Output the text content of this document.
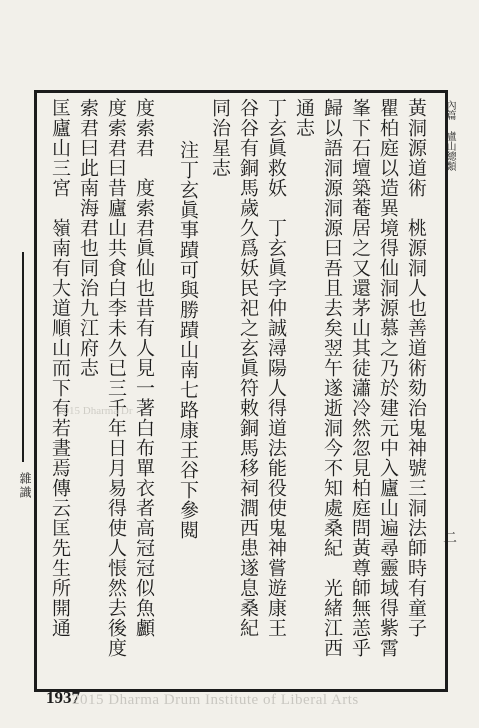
雜識
內篇 盧山總類
二
黃洞源道術　桃源洞人也善道術劾治鬼神號三洞法師時有童子
瞿柏庭以造異境得仙洞源慕之乃於建元中入廬山遍尋靈域得紫霄
峯下石壇築菴居之又還茅山其徒瀟冷然忽見柏庭問黃尊師無恙乎
歸以語洞源洞源曰吾且去矣翌午遂逝洞今不知處桑紀　光緒江西
通志
丁玄眞救妖　丁玄眞字仲誠潯陽人得道法能役使鬼神嘗遊康王
谷谷有銅馬歲久爲妖民祀之玄眞符敕銅馬移祠澗西患遂息桑紀
同治星志
注丁玄眞事蹟可與勝蹟山南七路康王谷下參閱
度索君　度索君眞仙也昔有人見一著白布單衣者高冠冠似魚顱
度索君曰昔廬山共食白李未久已三千年日月易得使人悵然去後度
索君曰此南海君也同治九江府志
匡廬山三宮　嶺南有大道順山而下有若晝焉傳云匡先生所開通
2015 Dharma Dr
1937
2015 Dharma Drum Institute of Liberal Arts
